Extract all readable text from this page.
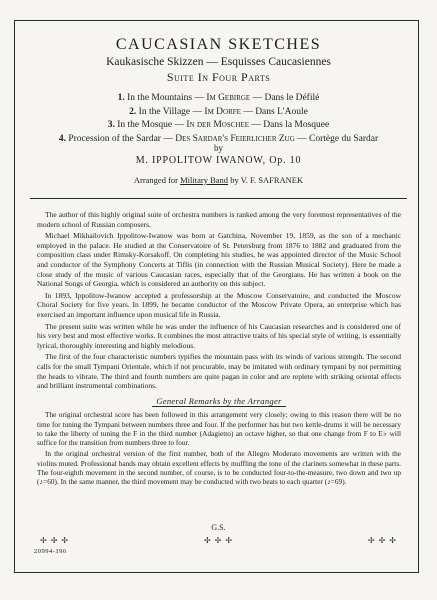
CAUCASIAN SKETCHES
Kaukasische Skizzen — Esquisses Caucasiennes
Suite In Four Parts
1. In the Mountains — Im Gebirge — Dans le Défilé
2. In the Village — Im Dorfe — Dans L'Aoule
3. In the Mosque — In der Moschee — Dans la Mosquee
4. Procession of the Sardar — Des Sardar's Feierlicher Zug — Cortège du Sardar
by
M. IPPOLITOW IWANOW, Op. 10
Arranged for Military Band by V. F. SAFRANEK

The author of this highly original suite of orchestra numbers is ranked among the very foremost representatives of the modern school of Russian composers.

Michael Mikhailovich Ippolitow-Iwanow was born at Gatchina, November 19, 1859, as the son of a mechanic employed in the palace. He studied at the Conservatoire of St. Petersburg from 1876 to 1882 and graduated from the composition class under Rimsky-Korsakoff. On completing his studies, he was appointed director of the Music School and conductor of the Symphony Concerts at Tiflis (in connection with the Russian Musical Society). Here he made a close study of the music of various Caucasian races, especially that of the Georgians. He has written a book on the National Songs of Georgia, which is considered an authority on this subject.

In 1893, Ippolitow-Iwanow accepted a professorship at the Moscow Conservatoire, and conducted the Moscow Choral Society for five years. In 1899, he became conductor of the Moscow Private Opera, an enterprise which has exercised an important influence upon musical life in Russia.

The present suite was written while he was under the influence of his Caucasian researches and is considered one of his very best and most effective works. It combines the most attractive traits of his special style of writing, is essentially lyrical, thoroughly interesting and highly melodious.

The first of the four characteristic numbers typifies the mountain pass with its winds of various strength. The second calls for the small Tympani Orientale, which if not procurable, may be imitated with ordinary tympani by not permitting the heads to vibrate. The third and fourth numbers are quite pagan in color and are replete with striking oriental effects and brilliant instrumental combinations.

General Remarks by the Arranger

The original orchestral score has been followed in this arrangement very closely; owing to this reason there will be no time for tuning the Tympani between numbers three and four. If the performer has but two kettle-drums it will be necessary to take the liberty of tuning the F in the third number (Adagietto) an octave higher, so that one change from F to E♭ will suffice for the transition from numbers three to four.

In the original orchestral version of the first number, both of the Allegro Moderato movements are written with the violins muted. Professional bands may obtain excellent effects by muffling the tone of the clarinets somewhat in these parts. The four-eighth movement in the second number, of course, is to be conducted four-to-the-measure, two down and two up (♪=60). In the same manner, the third movement may be conducted with two beats to each quarter (♪=69).

G.S.
✢ ✢ ✢	✢ ✢ ✢	✢ ✢ ✢
20994-196
